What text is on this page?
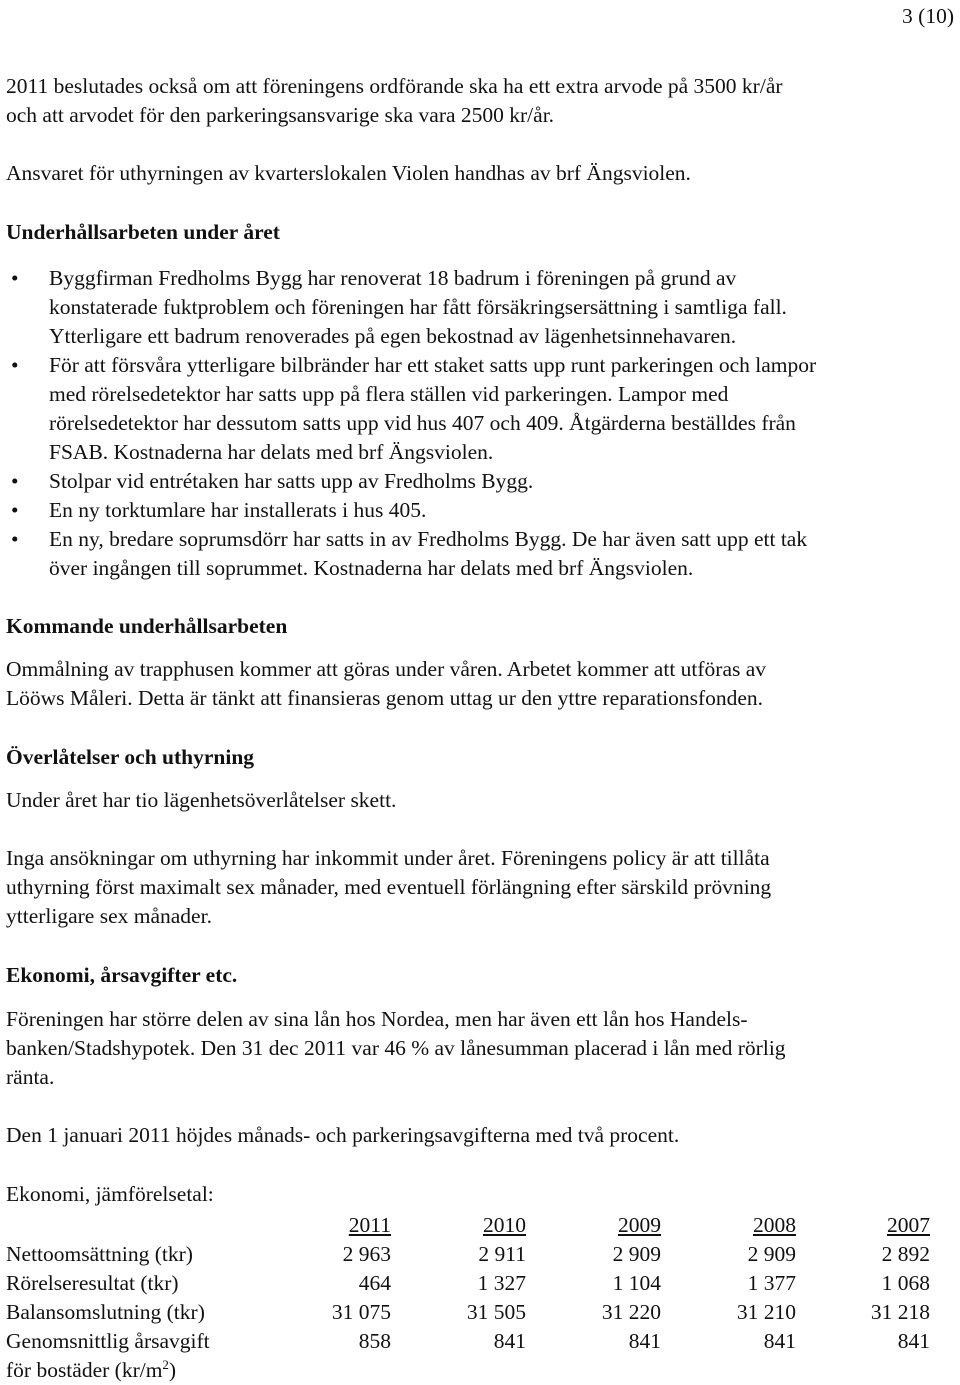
3 (10)

2011 beslutades också om att föreningens ordförande ska ha ett extra arvode på 3500 kr/år

och att arvodet för den parkeringsansvarige ska vara 2500 kr/år.

Ansvaret för uthyrningen av kvarterslokalen Violen handhas av brf Ängsviolen.

Underhållsarbeten under året
• Byggfirman Fredholms Bygg har renoverat 18 badrum i föreningen på grund av
konstaterade fuktproblem och föreningen har fått försäkringsersättning i samtliga fall.
Ytterligare ett badrum renoverades på egen bekostnad av lägenhetsinnehavaren.
• För att försvåra ytterligare bilbränder har ett staket satts upp runt parkeringen och lampor
med rörelsedetektor har satts upp på flera ställen vid parkeringen. Lampor med
rörelsedetektor har dessutom satts upp vid hus 407 och 409. Åtgärderna beställdes från
FSAB. Kostnaderna har delats med brf Ängsviolen.
• Stolpar vid entrétaken har satts upp av Fredholms Bygg.
• En ny torktumlare har installerats i hus 405.
• En ny, bredare soprumsdörr har satts in av Fredholms Bygg. De har även satt upp ett tak
över ingången till soprummet. Kostnaderna har delats med brf Ängsviolen.
Kommande underhållsarbeten

Ommålning av trapphusen kommer att göras under våren. Arbetet kommer att utföras av

Lööws Måleri. Detta är tänkt att finansieras genom uttag ur den yttre reparationsfonden.

Överlåtelser och uthyrning

Under året har tio lägenhetsöverlåtelser skett.

Inga ansökningar om uthyrning har inkommit under året. Föreningens policy är att tillåta

uthyrning först maximalt sex månader, med eventuell förlängning efter särskild prövning

ytterligare sex månader.

Ekonomi, årsavgifter etc.

Föreningen har större delen av sina lån hos Nordea, men har även ett lån hos Handels-

banken/Stadshypotek. Den 31 dec 2011 var 46 % av lånesumman placerad i lån med rörlig

ränta.

Den 1 januari 2011 höjdes månads- och parkeringsavgifterna med två procent.

Ekonomi, jämförelsetal:

	2011	2010	2009	2008	2007
Nettoomsättning (tkr)	2 963	2 911	2 909	2 909	2 892
Rörelseresultat (tkr)	464	1 327	1 104	1 377	1 068
Balansomslutning (tkr)	31 075	31 505	31 220	31 210	31 218
Genomsnittlig årsavgift	858	841	841	841	841
för bostäder $(kr/m^2)$					
